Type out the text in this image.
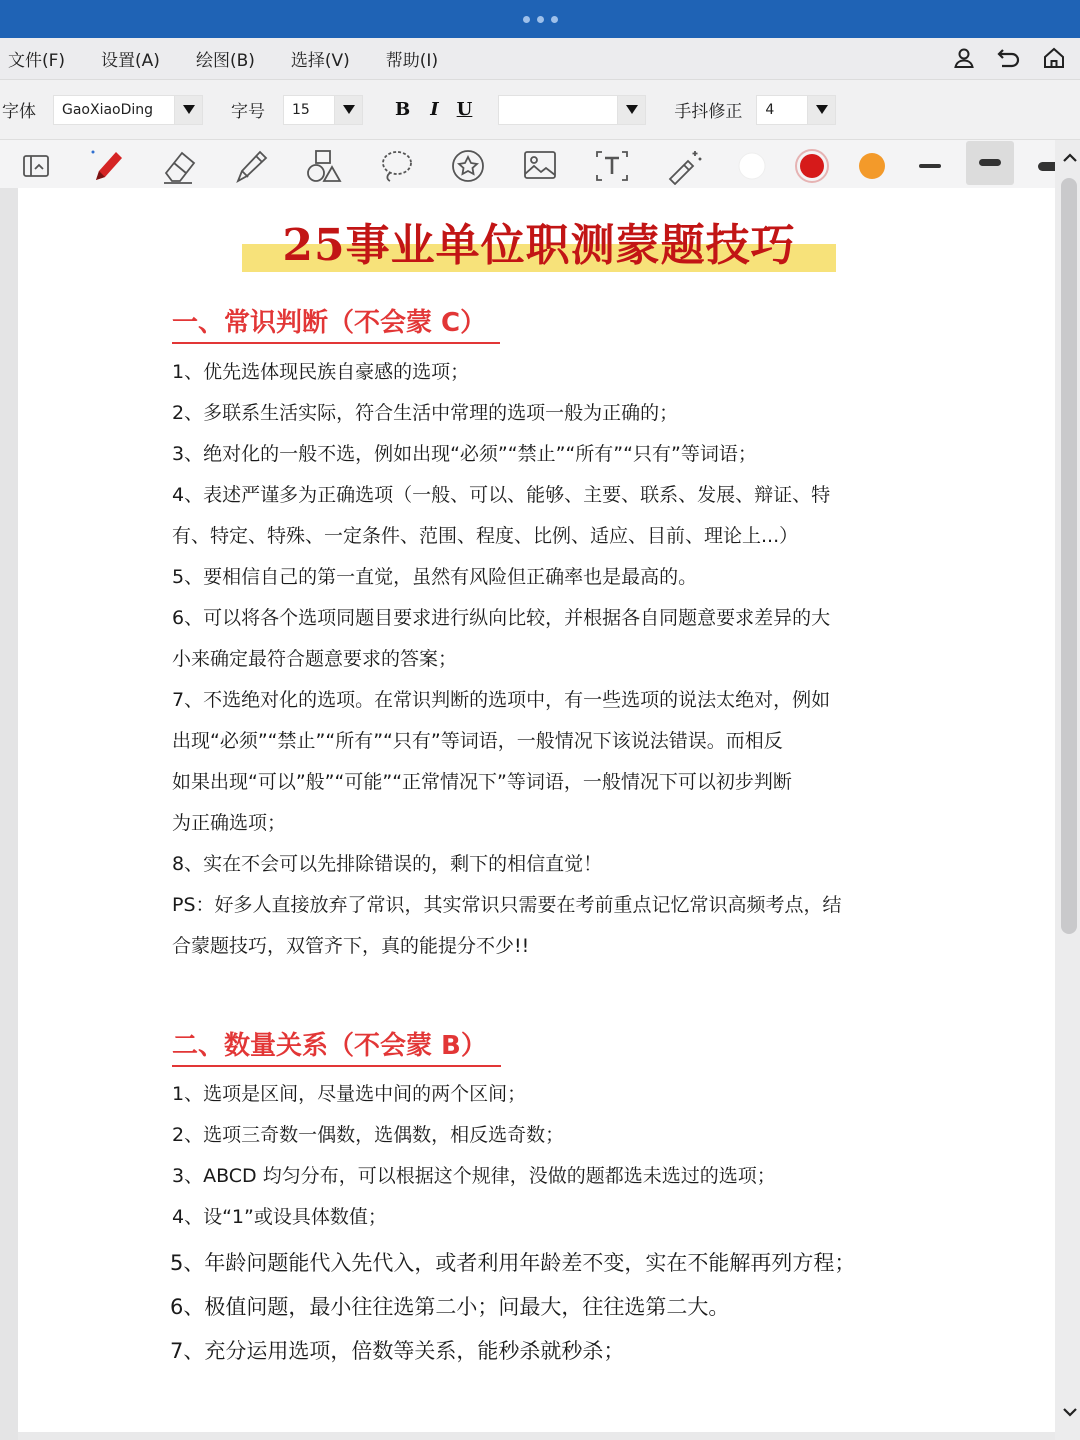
文件(F) 设置(A) 绘图(B) 选择(V) 帮助(I)
字体	GaoXiaoDing	字号	15	B I U	手抖修正	4
25事业单位职测蒙题技巧
一、常识判断（不会蒙 C）
1、优先选体现民族自豪感的选项；
2、多联系生活实际，符合生活中常理的选项一般为正确的；
3、绝对化的一般不选，例如出现“必须”“禁止”“所有”“只有”等词语；
4、表述严谨多为正确选项（一般、可以、能够、主要、联系、发展、辩证、特
有、特定、特殊、一定条件、范围、程度、比例、适应、目前、理论上...）
5、要相信自己的第一直觉，虽然有风险但正确率也是最高的。
6、可以将各个选项同题目要求进行纵向比较，并根据各自同题意要求差异的大
小来确定最符合题意要求的答案；
7、不选绝对化的选项。在常识判断的选项中，有一些选项的说法太绝对，例如
出现“必须”“禁止”“所有”“只有”等词语，一般情况下该说法错误。而相反
如果出现“可以”般”“可能”“正常情况下”等词语，一般情况下可以初步判断
为正确选项；
8、实在不会可以先排除错误的，剩下的相信直觉！
PS：好多人直接放弃了常识，其实常识只需要在考前重点记忆常识高频考点，结
合蒙题技巧，双管齐下，真的能提分不少!!
二、数量关系（不会蒙 B）
1、选项是区间，尽量选中间的两个区间；
2、选项三奇数一偶数，选偶数，相反选奇数；
3、ABCD 均匀分布，可以根据这个规律，没做的题都选未选过的选项；
4、设“1”或设具体数值；
5、年龄问题能代入先代入，或者利用年龄差不变，实在不能解再列方程；
6、极值问题，最小往往选第二小；问最大，往往选第二大。
7、充分运用选项，倍数等关系，能秒杀就秒杀；
